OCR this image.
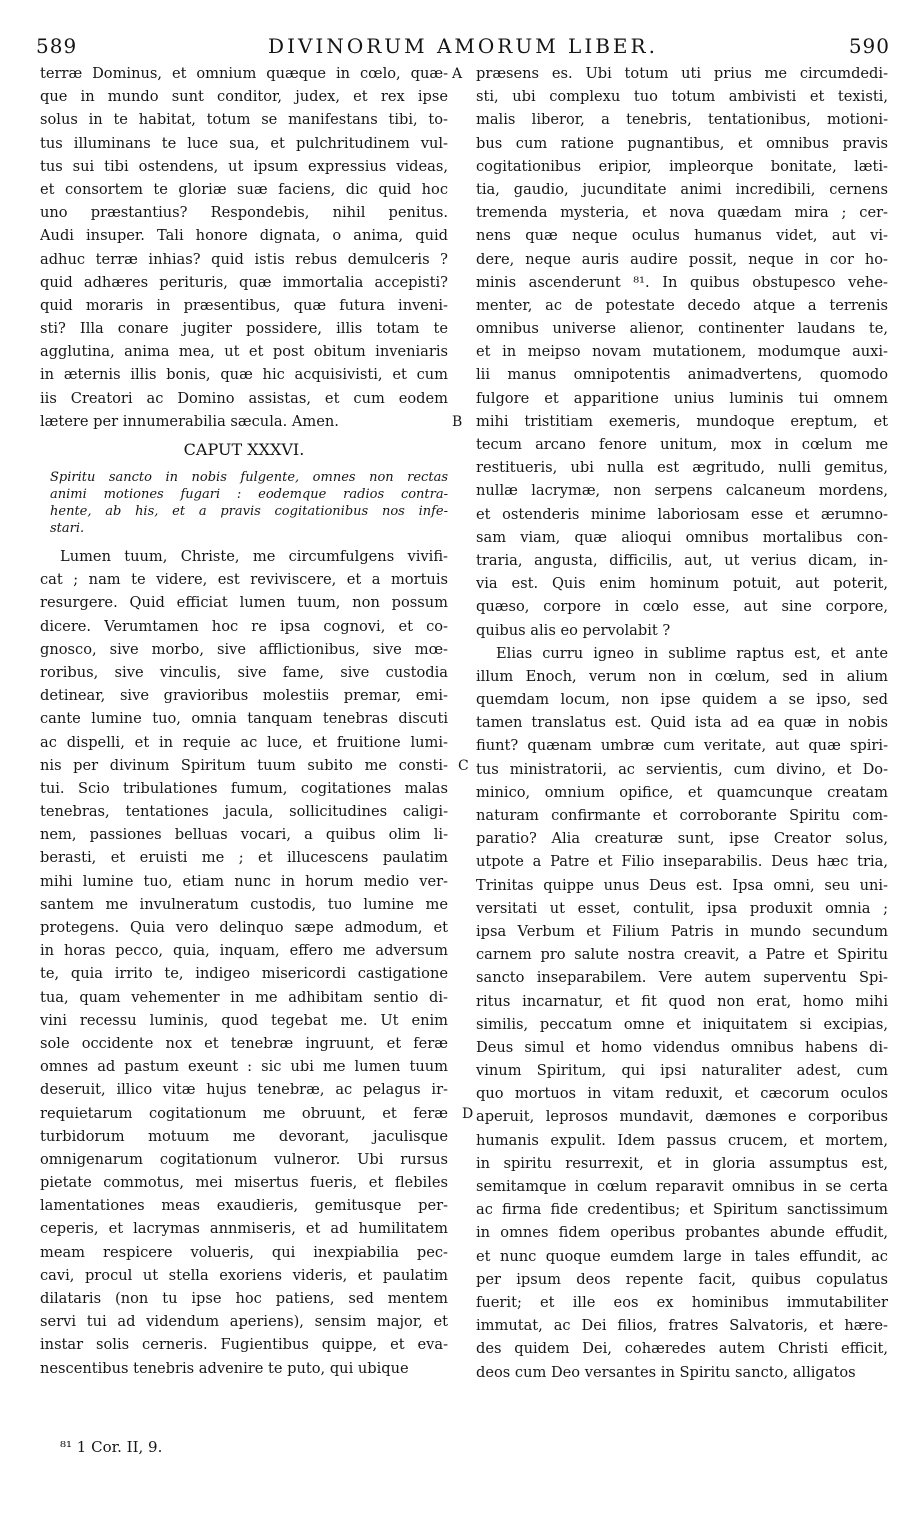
589	DIVINORUM AMORUM LIBER.	590
A
B
C
D
terræ Dominus, et omnium quæque in cœlo, quæ-
que in mundo sunt conditor, judex, et rex ipse
solus in te habitat, totum se manifestans tibi, to-
tus illuminans te luce sua, et pulchritudinem vul-
tus sui tibi ostendens, ut ipsum expressius videas,
et consortem te gloriæ suæ faciens, dic quid hoc
uno præstantius? Respondebis, nihil penitus.
Audi insuper. Tali honore dignata, o anima, quid
adhuc terræ inhias? quid istis rebus demulceris ?
quid adhæres perituris, quæ immortalia accepisti?
quid moraris in præsentibus, quæ futura inveni-
sti? Illa conare jugiter possidere, illis totam te
agglutina, anima mea, ut et post obitum inveniaris
in æternis illis bonis, quæ hic acquisivisti, et cum
iis Creatori ac Domino assistas, et cum eodem
lætere per innumerabilia sæcula. Amen.
CAPUT XXXVI.
Spiritu sancto in nobis fulgente, omnes non rectas
animi motiones fugari : eodemque radios contra-
hente, ab his, et a pravis cogitationibus nos infe-
stari.
Lumen tuum, Christe, me circumfulgens vivifi-
cat ; nam te videre, est reviviscere, et a mortuis
resurgere. Quid efficiat lumen tuum, non possum
dicere. Verumtamen hoc re ipsa cognovi, et co-
gnosco, sive morbo, sive afflictionibus, sive mœ-
roribus, sive vinculis, sive fame, sive custodia
detinear, sive gravioribus molestiis premar, emi-
cante lumine tuo, omnia tanquam tenebras discuti
ac dispelli, et in requie ac luce, et fruitione lumi-
nis per divinum Spiritum tuum subito me consti-
tui. Scio tribulationes fumum, cogitationes malas
tenebras, tentationes jacula, sollicitudines caligi-
nem, passiones belluas vocari, a quibus olim li-
berasti, et eruisti me ; et illucescens paulatim
mihi lumine tuo, etiam nunc in horum medio ver-
santem me invulneratum custodis, tuo lumine me
protegens. Quia vero delinquo sæpe admodum, et
in horas pecco, quia, inquam, effero me adversum
te, quia irrito te, indigeo misericordi castigatione
tua, quam vehementer in me adhibitam sentio di-
vini recessu luminis, quod tegebat me. Ut enim
sole occidente nox et tenebræ ingruunt, et feræ
omnes ad pastum exeunt : sic ubi me lumen tuum
deseruit, illico vitæ hujus tenebræ, ac pelagus ir-
requietarum cogitationum me obruunt, et feræ
turbidorum motuum me devorant, jaculisque
omnigenarum cogitationum vulneror. Ubi rursus
pietate commotus, mei misertus fueris, et flebiles
lamentationes meas exaudieris, gemitusque per-
ceperis, et lacrymas annmiseris, et ad humilitatem
meam respicere volueris, qui inexpiabilia pec-
cavi, procul ut stella exoriens videris, et paulatim
dilataris (non tu ipse hoc patiens, sed mentem
servi tui ad videndum aperiens), sensim major, et
instar solis cerneris. Fugientibus quippe, et eva-
nescentibus tenebris advenire te puto, qui ubique
præsens es. Ubi totum uti prius me circumdedi-
sti, ubi complexu tuo totum ambivisti et texisti,
malis liberor, a tenebris, tentationibus, motioni-
bus cum ratione pugnantibus, et omnibus pravis
cogitationibus eripior, impleorque bonitate, læti-
tia, gaudio, jucunditate animi incredibili, cernens
tremenda mysteria, et nova quædam mira ; cer-
nens quæ neque oculus humanus videt, aut vi-
dere, neque auris audire possit, neque in cor ho-
minis ascenderunt ⁸¹. In quibus obstupesco vehe-
menter, ac de potestate decedo atque a terrenis
omnibus universe alienor, continenter laudans te,
et in meipso novam mutationem, modumque auxi-
lii manus omnipotentis animadvertens, quomodo
fulgore et apparitione unius luminis tui omnem
mihi tristitiam exemeris, mundoque ereptum, et
tecum arcano fenore unitum, mox in cœlum me
restitueris, ubi nulla est ægritudo, nulli gemitus,
nullæ lacrymæ, non serpens calcaneum mordens,
et ostenderis minime laboriosam esse et ærumno-
sam viam, quæ alioqui omnibus mortalibus con-
traria, angusta, difficilis, aut, ut verius dicam, in-
via est. Quis enim hominum potuit, aut poterit,
quæso, corpore in cœlo esse, aut sine corpore,
quibus alis eo pervolabit ?
Elias curru igneo in sublime raptus est, et ante
illum Enoch, verum non in cœlum, sed in alium
quemdam locum, non ipse quidem a se ipso, sed
tamen translatus est. Quid ista ad ea quæ in nobis
fiunt? quænam umbræ cum veritate, aut quæ spiri-
tus ministratorii, ac servientis, cum divino, et Do-
minico, omnium opifice, et quamcunque creatam
naturam confirmante et corroborante Spiritu com-
paratio? Alia creaturæ sunt, ipse Creator solus,
utpote a Patre et Filio inseparabilis. Deus hæc tria,
Trinitas quippe unus Deus est. Ipsa omni, seu uni-
versitati ut esset, contulit, ipsa produxit omnia ;
ipsa Verbum et Filium Patris in mundo secundum
carnem pro salute nostra creavit, a Patre et Spiritu
sancto inseparabilem. Vere autem superventu Spi-
ritus incarnatur, et fit quod non erat, homo mihi
similis, peccatum omne et iniquitatem si excipias,
Deus simul et homo videndus omnibus habens di-
vinum Spiritum, qui ipsi naturaliter adest, cum
quo mortuos in vitam reduxit, et cæcorum oculos
aperuit, leprosos mundavit, dæmones e corporibus
humanis expulit. Idem passus crucem, et mortem,
in spiritu resurrexit, et in gloria assumptus est,
semitamque in cœlum reparavit omnibus in se certa
ac firma fide credentibus; et Spiritum sanctissimum
in omnes fidem operibus probantes abunde effudit,
et nunc quoque eumdem large in tales effundit, ac
per ipsum deos repente facit, quibus copulatus
fuerit; et ille eos ex hominibus immutabiliter
immutat, ac Dei filios, fratres Salvatoris, et hære-
des quidem Dei, cohæredes autem Christi efficit,
deos cum Deo versantes in Spiritu sancto, alligatos
⁸¹ 1 Cor. II, 9.
